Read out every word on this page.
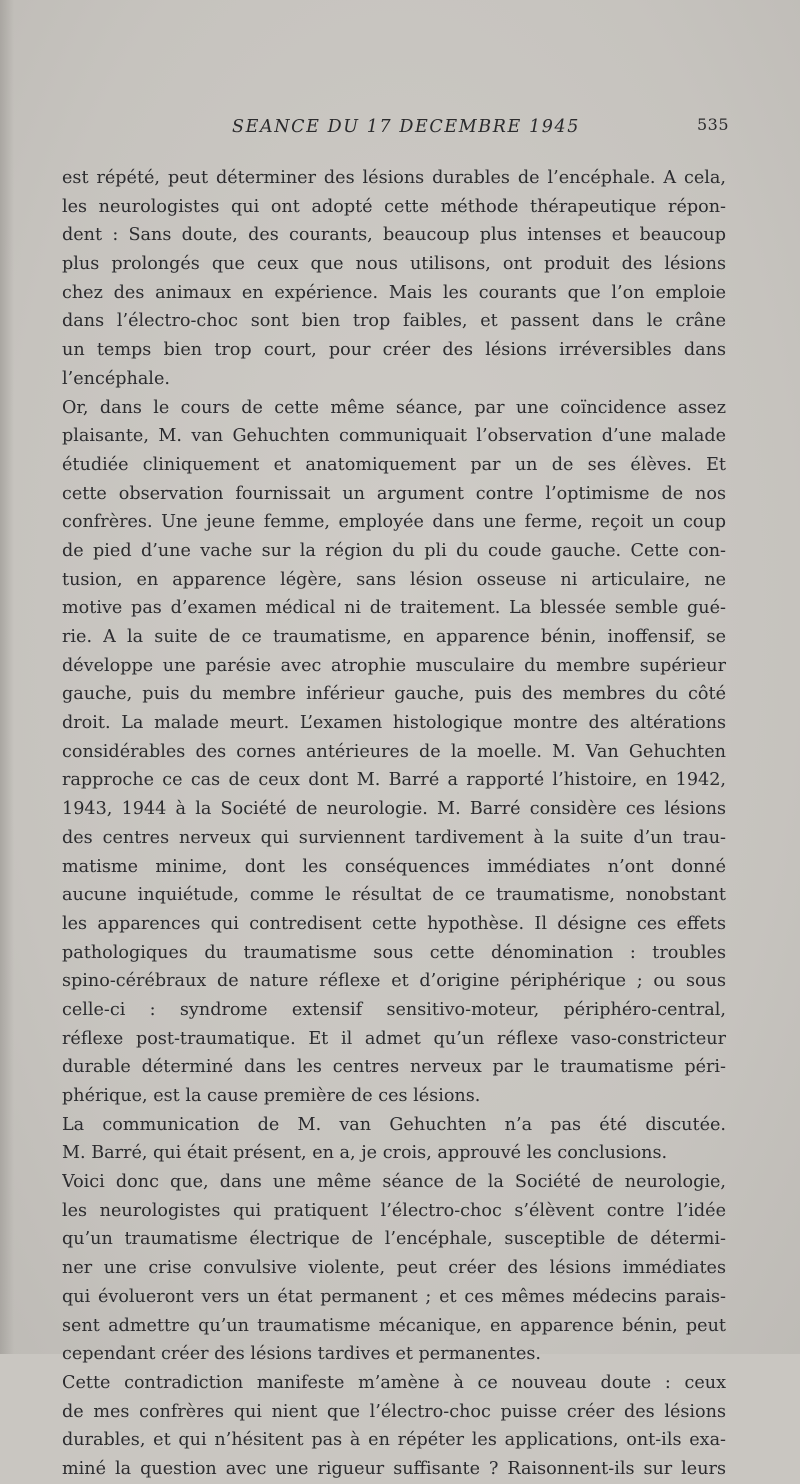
SEANCE DU 17 DECEMBRE 1945	535
est répété, peut déterminer des lésions durables de l’encéphale. A cela,
les neurologistes qui ont adopté cette méthode thérapeutique répon-
dent : Sans doute, des courants, beaucoup plus intenses et beaucoup
plus prolongés que ceux que nous utilisons, ont produit des lésions
chez des animaux en expérience. Mais les courants que l’on emploie
dans l’électro-choc sont bien trop faibles, et passent dans le crâne
un temps bien trop court, pour créer des lésions irréversibles dans
l’encéphale.
Or, dans le cours de cette même séance, par une coïncidence assez
plaisante, M. van Gehuchten communiquait l’observation d’une malade
étudiée cliniquement et anatomiquement par un de ses élèves. Et
cette observation fournissait un argument contre l’optimisme de nos
confrères. Une jeune femme, employée dans une ferme, reçoit un coup
de pied d’une vache sur la région du pli du coude gauche. Cette con-
tusion, en apparence légère, sans lésion osseuse ni articulaire, ne
motive pas d’examen médical ni de traitement. La blessée semble gué-
rie. A la suite de ce traumatisme, en apparence bénin, inoffensif, se
développe une parésie avec atrophie musculaire du membre supérieur
gauche, puis du membre inférieur gauche, puis des membres du côté
droit. La malade meurt. L’examen histologique montre des altérations
considérables des cornes antérieures de la moelle. M. Van Gehuchten
rapproche ce cas de ceux dont M. Barré a rapporté l’histoire, en 1942,
1943, 1944 à la Société de neurologie. M. Barré considère ces lésions
des centres nerveux qui surviennent tardivement à la suite d’un trau-
matisme minime, dont les conséquences immédiates n’ont donné
aucune inquiétude, comme le résultat de ce traumatisme, nonobstant
les apparences qui contredisent cette hypothèse. Il désigne ces effets
pathologiques du traumatisme sous cette dénomination : troubles
spino-cérébraux de nature réflexe et d’origine périphérique ; ou sous
celle-ci : syndrome extensif sensitivo-moteur, périphéro-central,
réflexe post-traumatique. Et il admet qu’un réflexe vaso-constricteur
durable déterminé dans les centres nerveux par le traumatisme péri-
phérique, est la cause première de ces lésions.
La communication de M. van Gehuchten n’a pas été discutée.
M. Barré, qui était présent, en a, je crois, approuvé les conclusions.
Voici donc que, dans une même séance de la Société de neurologie,
les neurologistes qui pratiquent l’électro-choc s’élèvent contre l’idée
qu’un traumatisme électrique de l’encéphale, susceptible de détermi-
ner une crise convulsive violente, peut créer des lésions immédiates
qui évolueront vers un état permanent ; et ces mêmes médecins parais-
sent admettre qu’un traumatisme mécanique, en apparence bénin, peut
cependant créer des lésions tardives et permanentes.
Cette contradiction manifeste m’amène à ce nouveau doute : ceux
de mes confrères qui nient que l’électro-choc puisse créer des lésions
durables, et qui n’hésitent pas à en répéter les applications, ont-ils exa-
miné la question avec une rigueur suffisante ? Raisonnent-ils sur leurs
